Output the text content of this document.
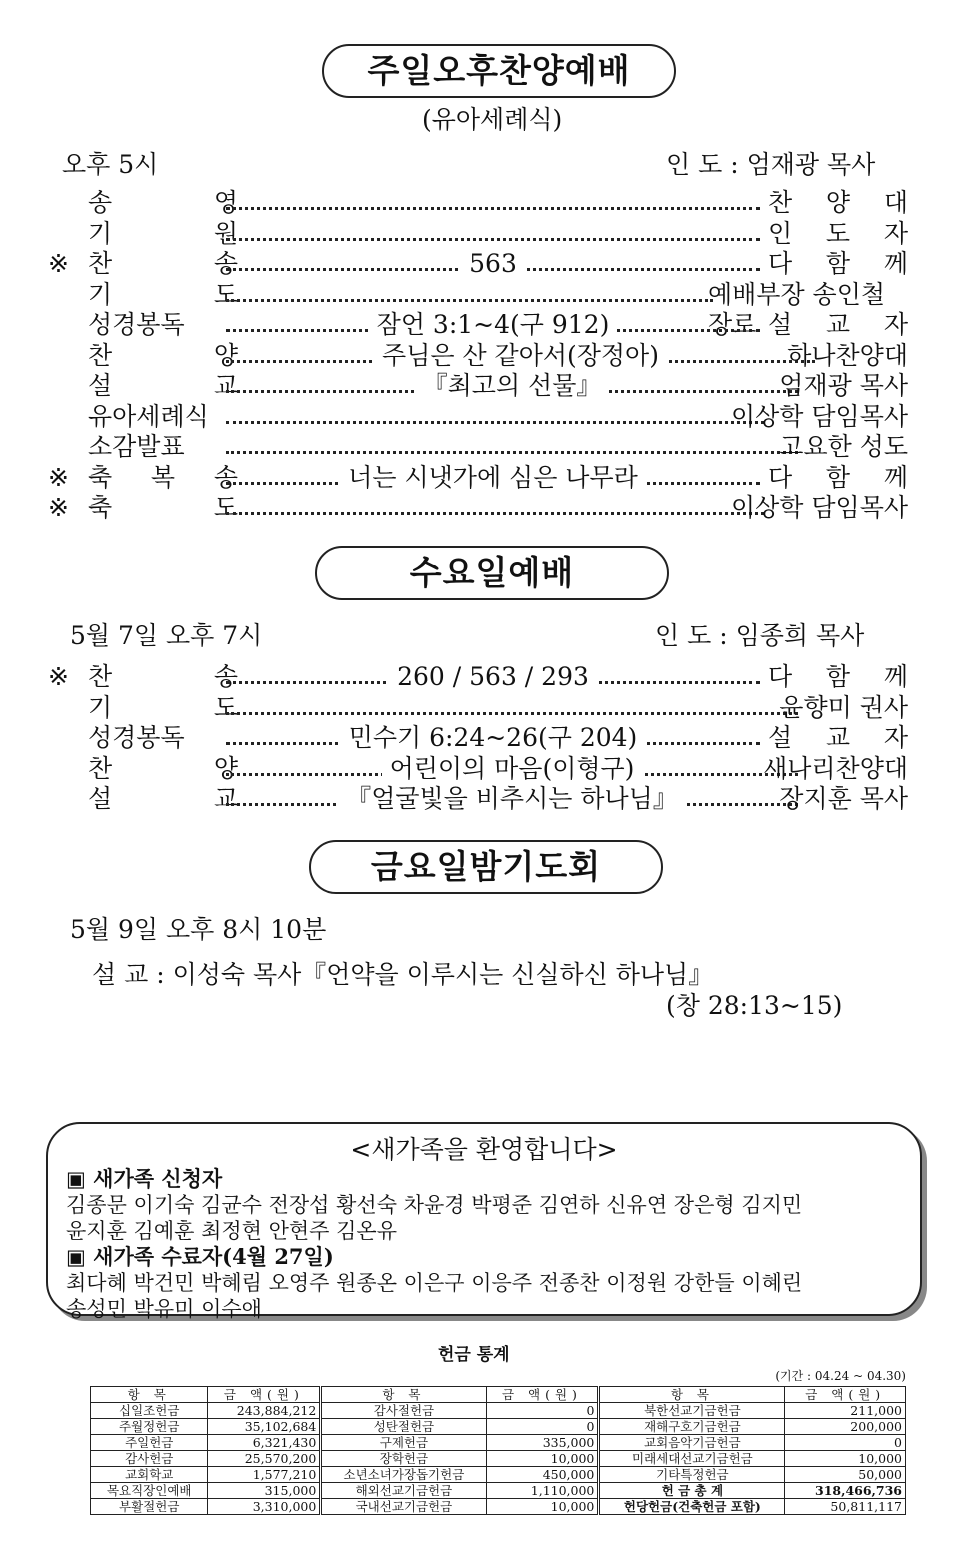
주일오후찬양예배
(유아세례식)
오후 5시	인 도 : 엄재광 목사
송	영	찬 양 대
기	원	인 도 자
※ 찬	송	563	다 함 께
기	도	예배부장 송인철 장로
성경봉독	잠언 3:1~4(구 912)	설 교 자
찬	양	주님은 산 같아서(장정아)	하나찬양대
설	교	『최고의 선물』	엄재광 목사
유아세례식	이상학 담임목사
소감발표	고요한 성도
※ 축 복 송	너는 시냇가에 심은 나무라	다 함 께
※ 축	도	이상학 담임목사
수요일예배
5월 7일 오후 7시	인 도 : 임종희 목사
※ 찬	송	260 / 563 / 293	다 함 께
기	도	윤향미 권사
성경봉독	민수기 6:24~26(구 204)	설 교 자
찬	양	어린이의 마음(이형구)	새나리찬양대
설	교	『얼굴빛을 비추시는 하나님』	장지훈 목사
금요일밤기도회
5월 9일 오후 8시 10분
설 교 : 이성숙 목사『언약을 이루시는 신실하신 하나님』
(창 28:13~15)
<새가족을 환영합니다>
▣ 새가족 신청자
김종문 이기숙 김균수 전장섭 황선숙 차윤경 박평준 김연하 신유연 장은형 김지민
윤지훈 김예훈 최정현 안현주 김온유
▣ 새가족 수료자(4월 27일)
최다혜 박건민 박혜림 오영주 원종온 이은구 이응주 전종찬 이정원 강한들 이혜린
송성민 박유미 이수애
헌금 통계
(기간 : 04.24 ~ 04.30)
항 목	금 액(원)	항 목	금 액(원)	항 목	금 액(원)
십일조헌금	243,884,212	감사절헌금	0	북한선교기금헌금	211,000
주월정헌금	35,102,684	성탄절헌금	0	재해구호기금헌금	200,000
주일헌금	6,321,430	구제헌금	335,000	교회음악기금헌금	0
감사헌금	25,570,200	장학헌금	10,000	미래세대선교기금헌금	10,000
교회학교	1,577,210	소년소녀가장돕기헌금	450,000	기타특정헌금	50,000
목요직장인예배	315,000	해외선교기금헌금	1,110,000	헌 금 총 계	318,466,736
부활절헌금	3,310,000	국내선교기금헌금	10,000	헌당헌금(건축헌금 포함)	50,811,117
